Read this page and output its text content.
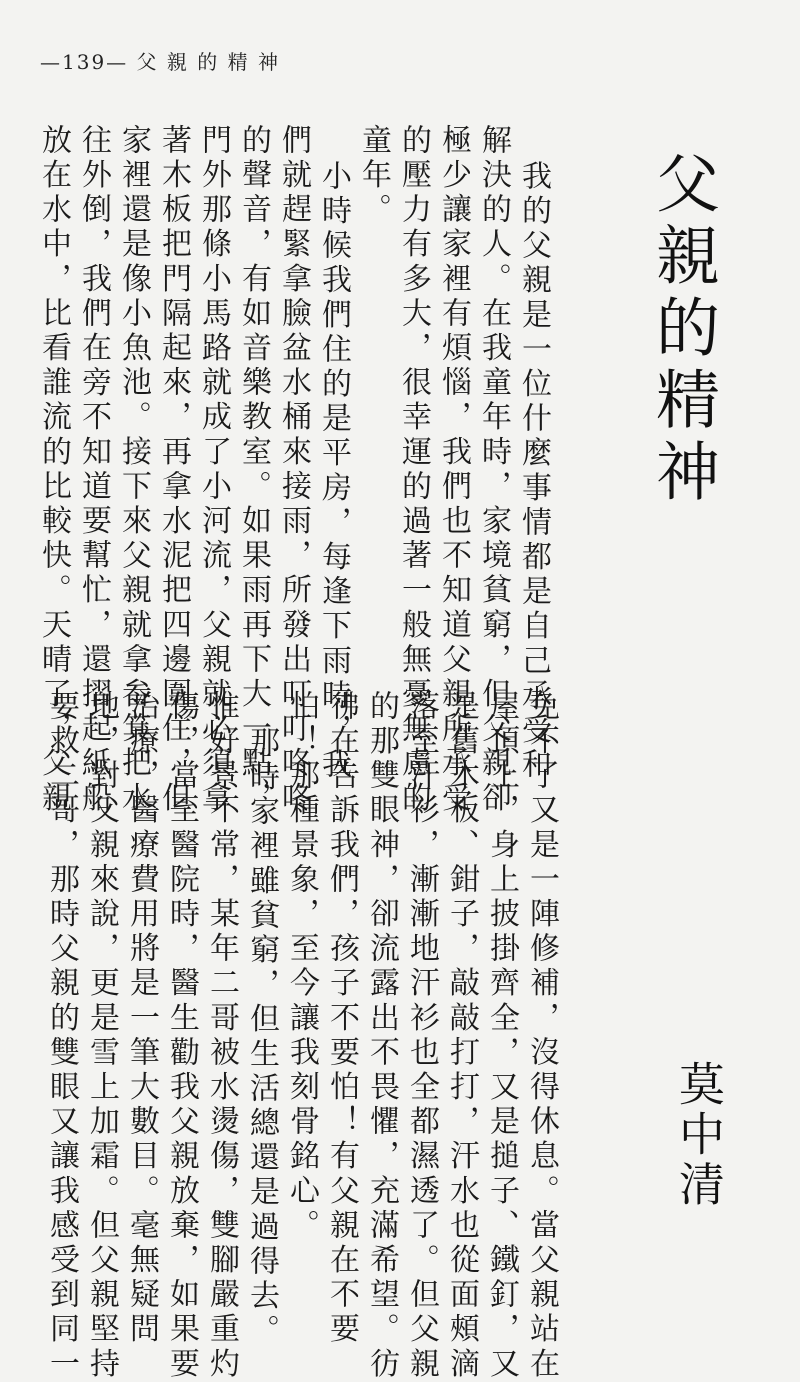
—139— 父 親 的 精 神
父親的精神
我的父親是一位什麼事情都是自己承受和
解決的人。在我童年時，家境貧窮，但父親卻
極少讓家裡有煩惱，我們也不知道父親所承受
的壓力有多大，很幸運的過著一般無憂無慮的
童年。
小時候我們住的是平房，每逢下雨時，我
們就趕緊拿臉盆水桶來接雨，所發出叮叮咚咚
的聲音，有如音樂教室。如果雨再下大一點，
門外那條小馬路就成了小河流，父親就必須拿
著木板把門隔起來，再拿水泥把四邊圍住，但
家裡還是像小魚池。接下來父親就拿畚箕把水
往外倒，我們在旁不知道要幫忙，還摺起紙船
放在水中，比看誰流的比較快。天晴了，父親
免不了又是一陣修補，沒得休息。當父親站在
屋頂上，身上披掛齊全，又是搥子、鐵釘，又
是舊木板、鉗子，敲敲打打，汗水也從面頰滴
落至汗衫，漸漸地汗衫也全都濕透了。但父親
的那雙眼神，卻流露出不畏懼，充滿希望。彷
彿在告訴我們，孩子不要怕！有父親在不要
怕！那種景象，至今讓我刻骨銘心。
那時家裡雖貧窮，但生活總還是過得去。
惟好景不常，某年二哥被水燙傷，雙腳嚴重灼
傷，當至醫院時，醫生勸我父親放棄，如果要
治療，醫療費用將是一筆大數目。毫無疑問
地，對父親來說，更是雪上加霜。但父親堅持
要救二哥，那時父親的雙眼又讓我感受到同一	莫中清
